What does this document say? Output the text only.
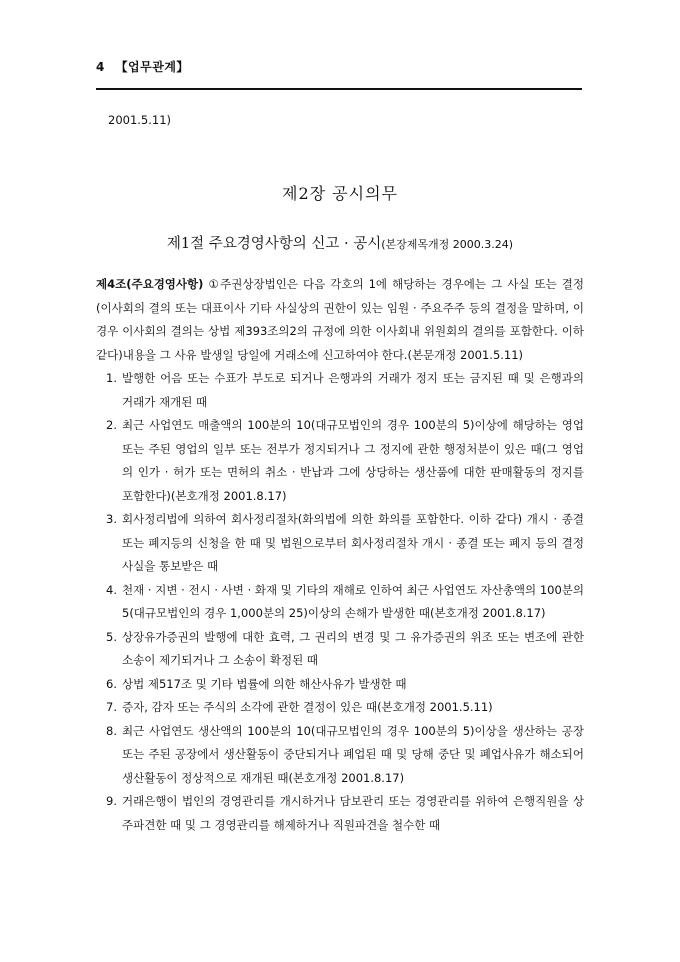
4 【업무관계】
2001.5.11)
제2장 공시의무
제1절 주요경영사항의 신고 · 공시(본장제목개정 2000.3.24)

제4조(주요경영사항) ①주권상장법인은 다음 각호의 1에 해당하는 경우에는 그 사실 또는 결정(이사회의 결의 또는 대표이사 기타 사실상의 권한이 있는 임원 · 주요주주 등의 결정을 말하며, 이 경우 이사회의 결의는 상법 제393조의2의 규정에 의한 이사회내 위원회의 결의를 포함한다. 이하 같다)내용을 그 사유 발생일 당일에 거래소에 신고하여야 한다.(본문개정 2001.5.11)

1. 발행한 어음 또는 수표가 부도로 되거나 은행과의 거래가 정지 또는 금지된 때 및 은행과의 거래가 재개된 때
2. 최근 사업연도 매출액의 100분의 10(대규모법인의 경우 100분의 5)이상에 해당하는 영업 또는 주된 영업의 일부 또는 전부가 정지되거나 그 정지에 관한 행정처분이 있은 때(그 영업의 인가 · 허가 또는 면허의 취소 · 반납과 그에 상당하는 생산품에 대한 판매활동의 정지를 포함한다)(본호개정 2001.8.17)
3. 회사정리법에 의하여 회사정리절차(화의법에 의한 화의를 포함한다. 이하 같다) 개시 · 종결 또는 폐지등의 신청을 한 때 및 법원으로부터 회사정리절차 개시 · 종결 또는 폐지 등의 결정사실을 통보받은 때
4. 천재 · 지변 · 전시 · 사변 · 화재 및 기타의 재해로 인하여 최근 사업연도 자산총액의 100분의 5(대규모법인의 경우 1,000분의 25)이상의 손해가 발생한 때(본호개정 2001.8.17)
5. 상장유가증권의 발행에 대한 효력, 그 권리의 변경 및 그 유가증권의 위조 또는 변조에 관한 소송이 제기되거나 그 소송이 확정된 때
6. 상법 제517조 및 기타 법률에 의한 해산사유가 발생한 때
7. 증자, 감자 또는 주식의 소각에 관한 결정이 있은 때(본호개정 2001.5.11)
8. 최근 사업연도 생산액의 100분의 10(대규모법인의 경우 100분의 5)이상을 생산하는 공장 또는 주된 공장에서 생산활동이 중단되거나 폐업된 때 및 당해 중단 및 폐업사유가 해소되어 생산활동이 정상적으로 재개된 때(본호개정 2001.8.17)
9. 거래은행이 법인의 경영관리를 개시하거나 담보관리 또는 경영관리를 위하여 은행직원을 상주파견한 때 및 그 경영관리를 해제하거나 직원파견을 철수한 때
